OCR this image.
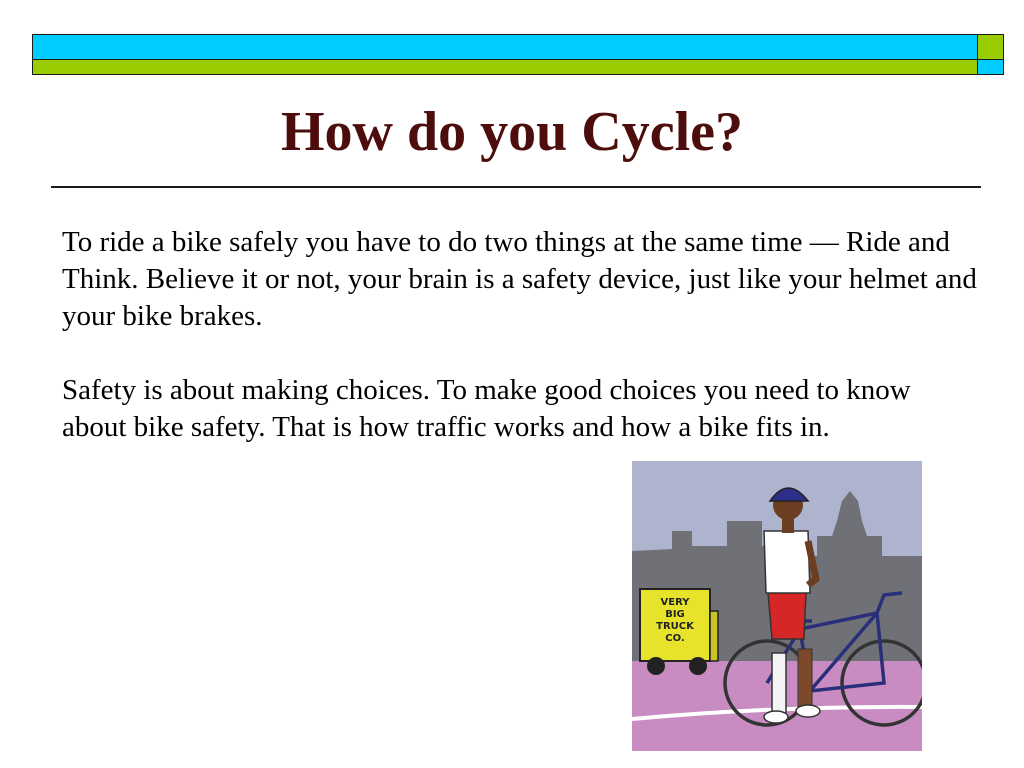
How do you Cycle?

To ride a bike safely you have to do two things at the same time — Ride and Think. Believe it or not, your brain is a safety device, just like your helmet and your bike brakes.

Safety is about making choices. To make good choices you need to know about bike safety. That is how traffic works and how a bike fits in.

VERY
BIG
TRUCK
CO.
